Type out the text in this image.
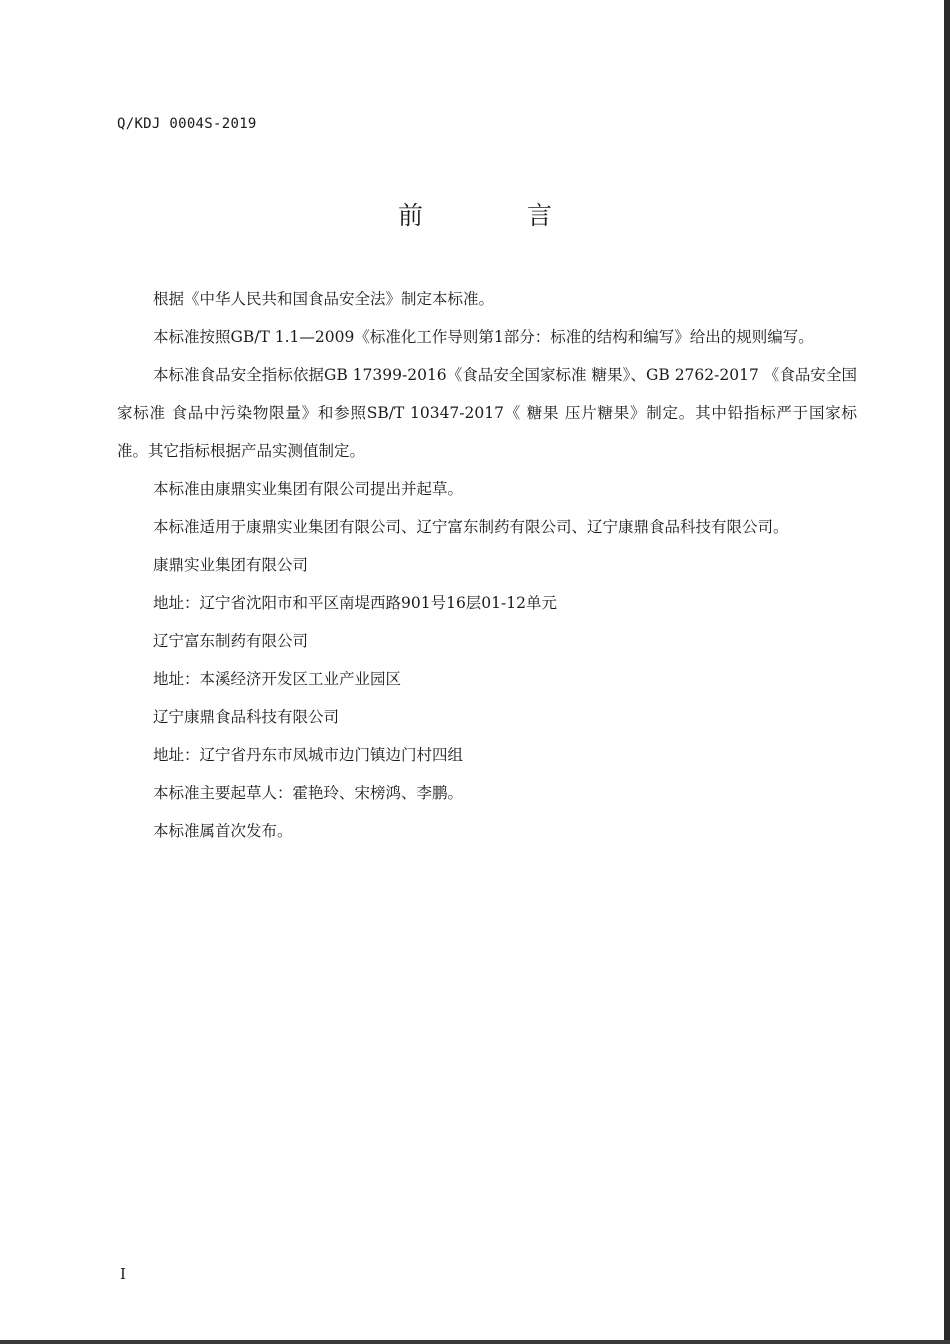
Q/KDJ 0004S-2019
前 言

根据《中华人民共和国食品安全法》制定本标准。

本标准按照GB/T 1.1—2009《标准化工作导则第1部分：标准的结构和编写》给出的规则编写。

本标准食品安全指标依据GB 17399-2016《食品安全国家标准 糖果》、GB 2762-2017 《食品安全国家标准 食品中污染物限量》和参照SB/T 10347-2017《 糖果 压片糖果》制定。其中铅指标严于国家标准。其它指标根据产品实测值制定。

本标准由康鼎实业集团有限公司提出并起草。

本标准适用于康鼎实业集团有限公司、辽宁富东制药有限公司、辽宁康鼎食品科技有限公司。

康鼎实业集团有限公司

地址：辽宁省沈阳市和平区南堤西路901号16层01-12单元

辽宁富东制药有限公司

地址：本溪经济开发区工业产业园区

辽宁康鼎食品科技有限公司

地址：辽宁省丹东市凤城市边门镇边门村四组

本标准主要起草人：霍艳玲、宋榜鸿、李鹏。

本标准属首次发布。

I
